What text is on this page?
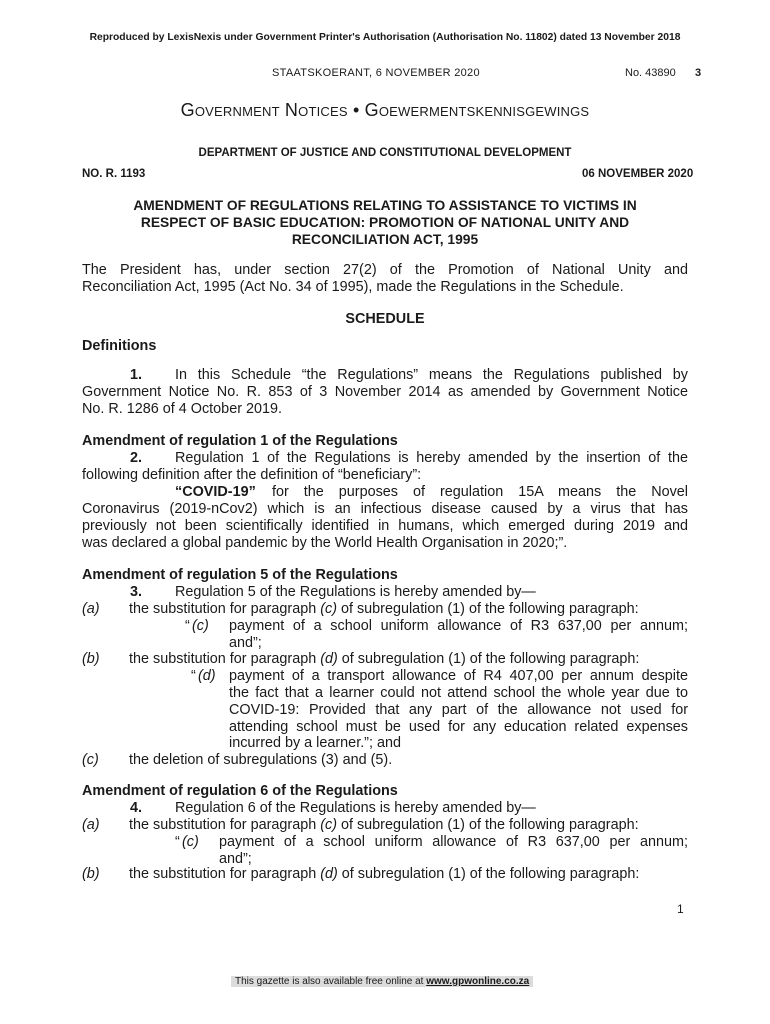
Reproduced by LexisNexis under Government Printer's Authorisation (Authorisation No. 11802) dated 13 November 2018
STAATSKOERANT, 6 NOVEMBER 2020	No. 43890 3
Government Notices • Goewermentskennisgewings
DEPARTMENT OF JUSTICE AND CONSTITUTIONAL DEVELOPMENT
NO. R. 1193	06 NOVEMBER 2020
AMENDMENT OF REGULATIONS RELATING TO ASSISTANCE TO VICTIMS IN RESPECT OF BASIC EDUCATION: PROMOTION OF NATIONAL UNITY AND RECONCILIATION ACT, 1995
The President has, under section 27(2) of the Promotion of National Unity and
Reconciliation Act, 1995 (Act No. 34 of 1995), made the Regulations in the Schedule.
SCHEDULE
Definitions
1. In this Schedule “the Regulations” means the Regulations published by
Government Notice No. R. 853 of 3 November 2014 as amended by Government Notice
No. R. 1286 of 4 October 2019.
Amendment of regulation 1 of the Regulations
2. Regulation 1 of the Regulations is hereby amended by the insertion of the
following definition after the definition of “beneficiary”:
“COVID-19” for the purposes of regulation 15A means the Novel
Coronavirus (2019-nCov2) which is an infectious disease caused by a virus that has
previously not been scientifically identified in humans, which emerged during 2019 and
was declared a global pandemic by the World Health Organisation in 2020;”.
Amendment of regulation 5 of the Regulations
3. Regulation 5 of the Regulations is hereby amended by—
(a) the substitution for paragraph (c) of subregulation (1) of the following paragraph:
“ (c) payment of a school uniform allowance of R3 637,00 per annum;
and”;
(b) the substitution for paragraph (d) of subregulation (1) of the following paragraph:
“ (d) payment of a transport allowance of R4 407,00 per annum despite
the fact that a learner could not attend school the whole year due to
COVID-19: Provided that any part of the allowance not used for
attending school must be used for any education related expenses
incurred by a learner.”; and
(c) the deletion of subregulations (3) and (5).
Amendment of regulation 6 of the Regulations
4. Regulation 6 of the Regulations is hereby amended by—
(a) the substitution for paragraph (c) of subregulation (1) of the following paragraph:
“ (c) payment of a school uniform allowance of R3 637,00 per annum;
and”;
(b) the substitution for paragraph (d) of subregulation (1) of the following paragraph:
1
This gazette is also available free online at www.gpwonline.co.za
